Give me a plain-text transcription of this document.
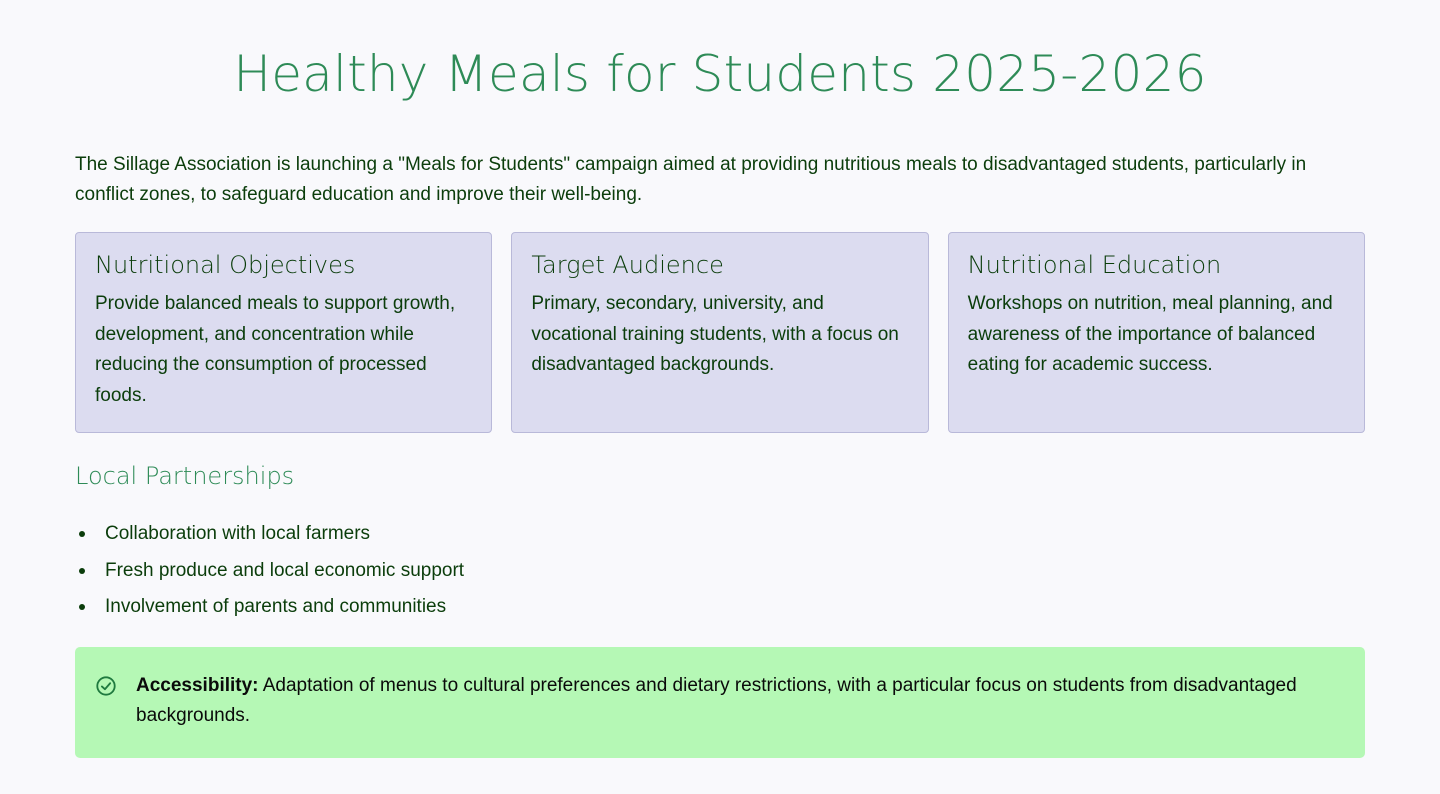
Healthy Meals for Students 2025-2026

The Sillage Association is launching a "Meals for Students" campaign aimed at providing nutritious meals to disadvantaged students, particularly in conflict zones, to safeguard education and improve their well-being.

Nutritional Objectives

Provide balanced meals to support growth, development, and concentration while reducing the consumption of processed foods.

Target Audience

Primary, secondary, university, and vocational training students, with a focus on disadvantaged backgrounds.

Nutritional Education

Workshops on nutrition, meal planning, and awareness of the importance of balanced eating for academic success.

Local Partnerships
Collaboration with local farmers
Fresh produce and local economic support
Involvement of parents and communities
Accessibility: Adaptation of menus to cultural preferences and dietary restrictions, with a particular focus on students from disadvantaged backgrounds.
